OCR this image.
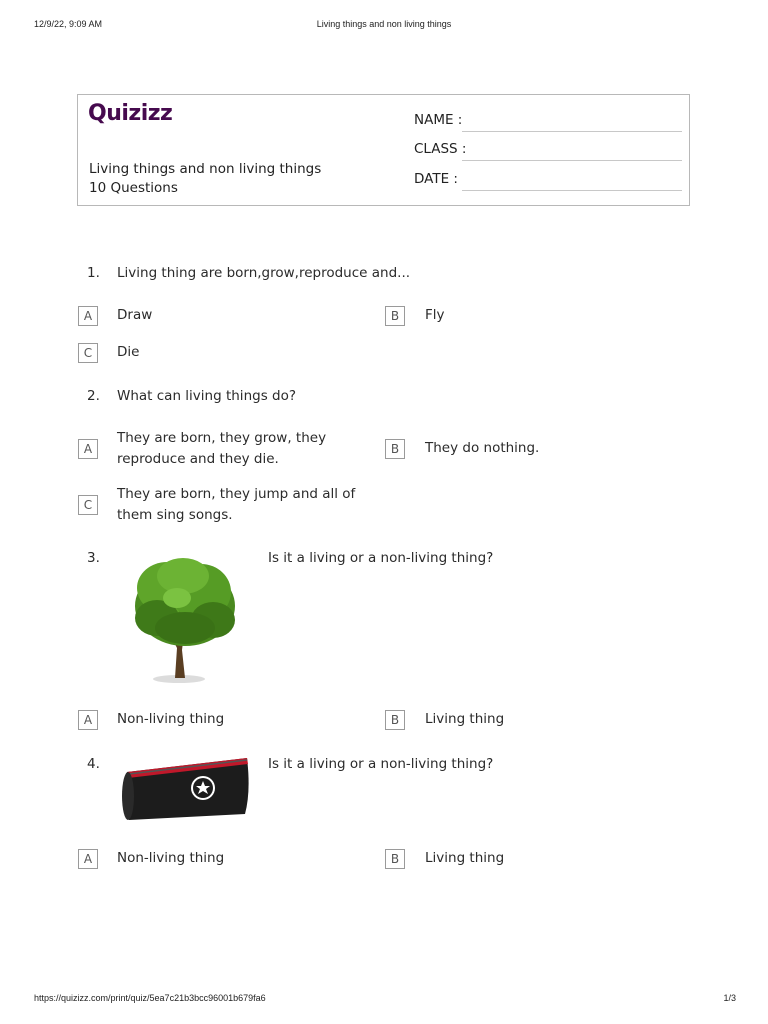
12/9/22, 9:09 AM	Living things and non living things
Quizizz
Living things and non living things
10 Questions
NAME :
CLASS :
DATE :
1. Living thing are born,grow,reproduce and...
A	Draw	B	Fly
C	Die
2. What can living things do?
A
They are born, they grow, they reproduce and they die.
B	They do nothing.
C
They are born, they jump and all of them sing songs.
3.	Is it a living or a non-living thing?
A	Non-living thing	B	Living thing
4.	Is it a living or a non-living thing?
A	Non-living thing	B	Living thing
https://quizizz.com/print/quiz/5ea7c21b3bcc96001b679fa6	1/3
